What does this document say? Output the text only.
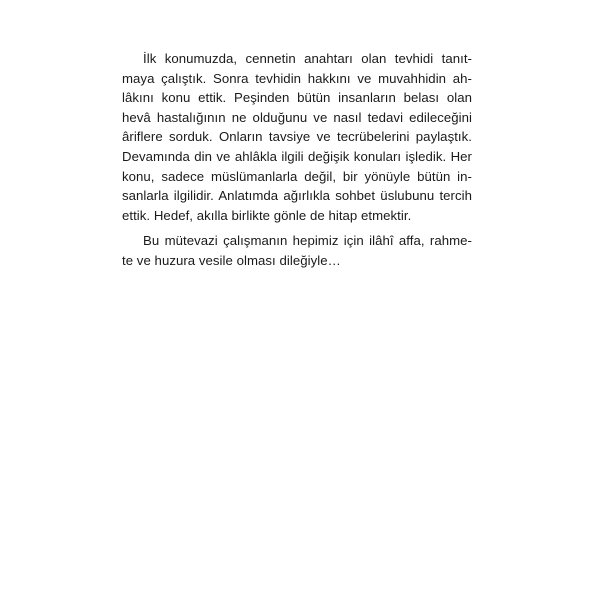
İlk konumuzda, cennetin anahtarı olan tevhidi tanıt-
maya çalıştık. Sonra tevhidin hakkını ve muvahhidin ah-
lâkını konu ettik. Peşinden bütün insanların belası olan
hevâ hastalığının ne olduğunu ve nasıl tedavi edileceğini
âriflere sorduk. Onların tavsiye ve tecrübelerini paylaştık.
Devamında din ve ahlâkla ilgili değişik konuları işledik. Her
konu, sadece müslümanlarla değil, bir yönüyle bütün in-
sanlarla ilgilidir. Anlatımda ağırlıkla sohbet üslubunu tercih
ettik. Hedef, akılla birlikte gönle de hitap etmektir.
Bu mütevazi çalışmanın hepimiz için ilâhî affa, rahme-
te ve huzura vesile olması dileğiyle…
